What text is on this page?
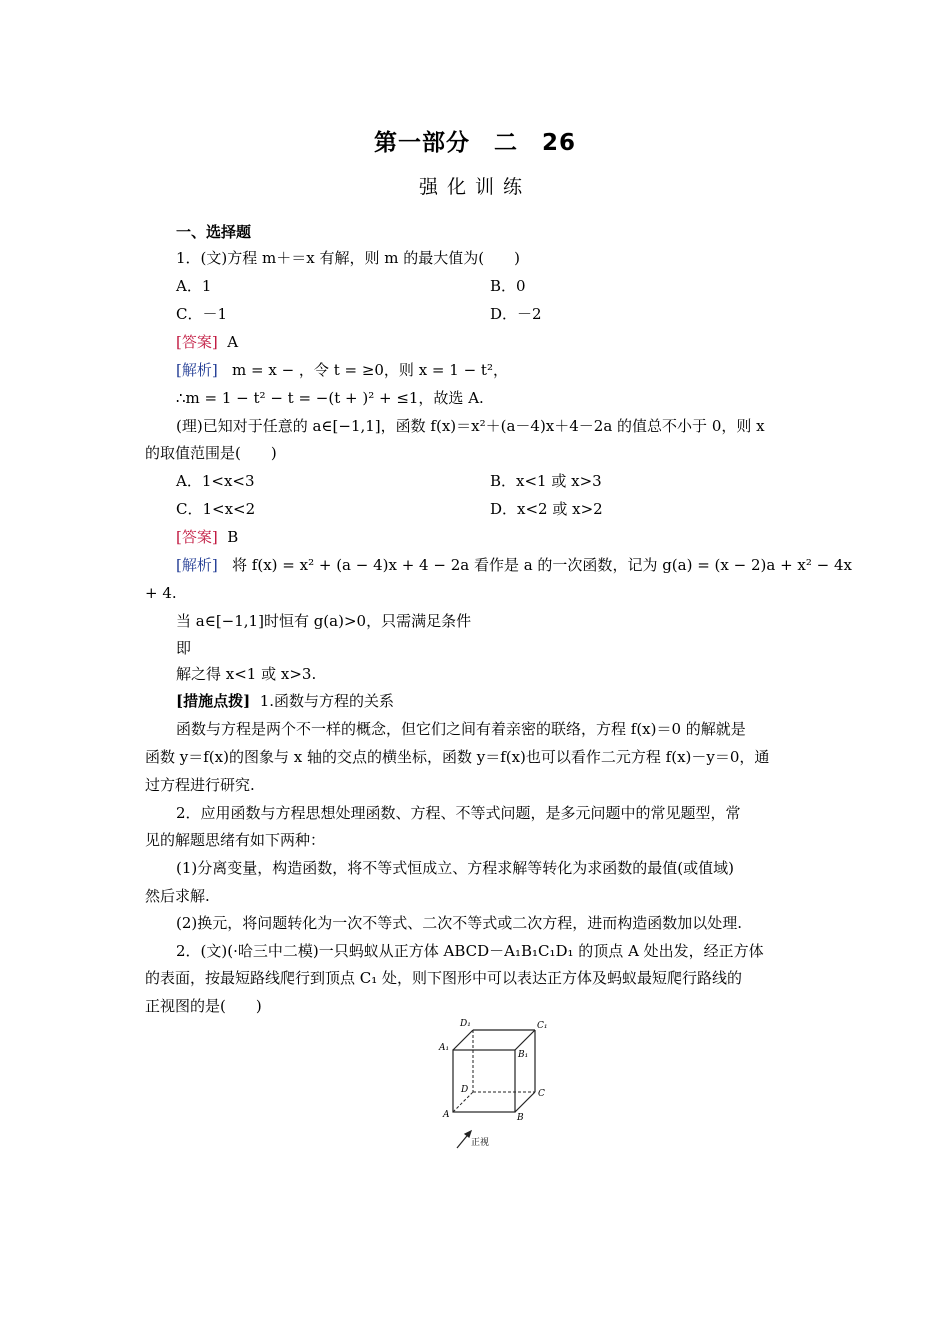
第一部分　二　26
强化训练
一、选择题
1．(文)方程 m＋＝x 有解，则 m 的最大值为(　　)
A．1	B．0
C．－1	D．－2
[答案] A
[解析] m = x − ，令 t = ≥0，则 x = 1 − t²，
∴m = 1 − t² − t = −(t + )² + ≤1，故选 A.
(理)已知对于任意的 a∈[−1,1]，函数 f(x)＝x²＋(a－4)x＋4－2a 的值总不小于 0，则 x
的取值范围是(　　)
A．1<x<3	B．x<1 或 x>3
C．1<x<2	D．x<2 或 x>2
[答案] B
[解析] 将 f(x) = x² + (a − 4)x + 4 − 2a 看作是 a 的一次函数，记为 g(a) = (x − 2)a + x² − 4x
+ 4.
当 a∈[−1,1]时恒有 g(a)>0，只需满足条件
即
解之得 x<1 或 x>3.
[措施点拨] 1.函数与方程的关系
函数与方程是两个不一样的概念，但它们之间有着亲密的联络，方程 f(x)＝0 的解就是
函数 y＝f(x)的图象与 x 轴的交点的横坐标，函数 y＝f(x)也可以看作二元方程 f(x)－y＝0，通
过方程进行研究.
2．应用函数与方程思想处理函数、方程、不等式问题，是多元问题中的常见题型，常
见的解题思绪有如下两种：
(1)分离变量，构造函数，将不等式恒成立、方程求解等转化为求函数的最值(或值域)
然后求解.
(2)换元，将问题转化为一次不等式、二次不等式或二次方程，进而构造函数加以处理.
2．(文)(·哈三中二模)一只蚂蚁从正方体 ABCD－A₁B₁C₁D₁ 的顶点 A 处出发，经正方体
的表面，按最短路线爬行到顶点 C₁ 处，则下图形中可以表达正方体及蚂蚁最短爬行路线的
正视图的是(　　)
D₁	C₁
A₁
B₁
D	C
A	B
正视
